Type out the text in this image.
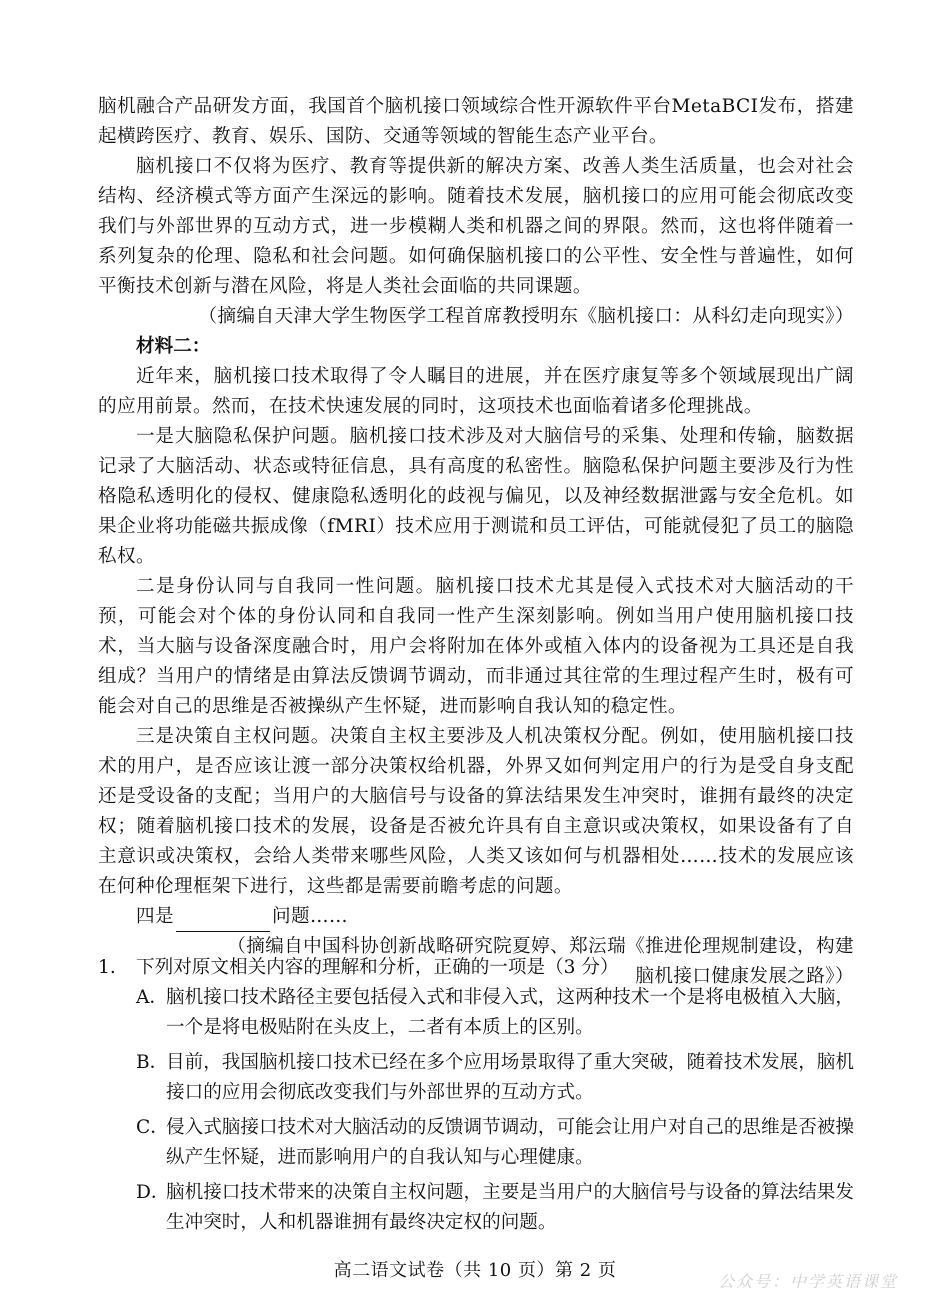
脑机融合产品研发方面，我国首个脑机接口领域综合性开源软件平台MetaBCI发布，搭建起横跨医疗、教育、娱乐、国防、交通等领域的智能生态产业平台。

脑机接口不仅将为医疗、教育等提供新的解决方案、改善人类生活质量，也会对社会结构、经济模式等方面产生深远的影响。随着技术发展，脑机接口的应用可能会彻底改变我们与外部世界的互动方式，进一步模糊人类和机器之间的界限。然而，这也将伴随着一系列复杂的伦理、隐私和社会问题。如何确保脑机接口的公平性、安全性与普遍性，如何平衡技术创新与潜在风险，将是人类社会面临的共同课题。

（摘编自天津大学生物医学工程首席教授明东《脑机接口：从科幻走向现实》）

材料二：

近年来，脑机接口技术取得了令人瞩目的进展，并在医疗康复等多个领域展现出广阔的应用前景。然而，在技术快速发展的同时，这项技术也面临着诸多伦理挑战。

一是大脑隐私保护问题。脑机接口技术涉及对大脑信号的采集、处理和传输，脑数据记录了大脑活动、状态或特征信息，具有高度的私密性。脑隐私保护问题主要涉及行为性格隐私透明化的侵权、健康隐私透明化的歧视与偏见，以及神经数据泄露与安全危机。如果企业将功能磁共振成像（fMRI）技术应用于测谎和员工评估，可能就侵犯了员工的脑隐私权。

二是身份认同与自我同一性问题。脑机接口技术尤其是侵入式技术对大脑活动的干预，可能会对个体的身份认同和自我同一性产生深刻影响。例如当用户使用脑机接口技术，当大脑与设备深度融合时，用户会将附加在体外或植入体内的设备视为工具还是自我组成？当用户的情绪是由算法反馈调节调动，而非通过其往常的生理过程产生时，极有可能会对自己的思维是否被操纵产生怀疑，进而影响自我认知的稳定性。

三是决策自主权问题。决策自主权主要涉及人机决策权分配。例如，使用脑机接口技术的用户，是否应该让渡一部分决策权给机器，外界又如何判定用户的行为是受自身支配还是受设备的支配；当用户的大脑信号与设备的算法结果发生冲突时，谁拥有最终的决定权；随着脑机接口技术的发展，设备是否被允许具有自主意识或决策权，如果设备有了自主意识或决策权，会给人类带来哪些风险，人类又该如何与机器相处……技术的发展应该在何种伦理框架下进行，这些都是需要前瞻考虑的问题。

四是	问题……

（摘编自中国科协创新战略研究院夏婷、郑沄瑞《推进伦理规制建设，构建

脑机接口健康发展之路》）

1.	下列对原文相关内容的理解和分析，正确的一项是（3 分）

A．
脑机接口技术路径主要包括侵入式和非侵入式，这两种技术一个是将电极植入大脑，一个是将电极贴附在头皮上，二者有本质上的区别。
B．
目前，我国脑机接口技术已经在多个应用场景取得了重大突破，随着技术发展，脑机接口的应用会彻底改变我们与外部世界的互动方式。
C．
侵入式脑接口技术对大脑活动的反馈调节调动，可能会让用户对自己的思维是否被操纵产生怀疑，进而影响用户的自我认知与心理健康。
D．
脑机接口技术带来的决策自主权问题，主要是当用户的大脑信号与设备的算法结果发生冲突时，人和机器谁拥有最终决定权的问题。
高二语文试卷（共 10 页）第 2 页
公众号：中学英语课堂
